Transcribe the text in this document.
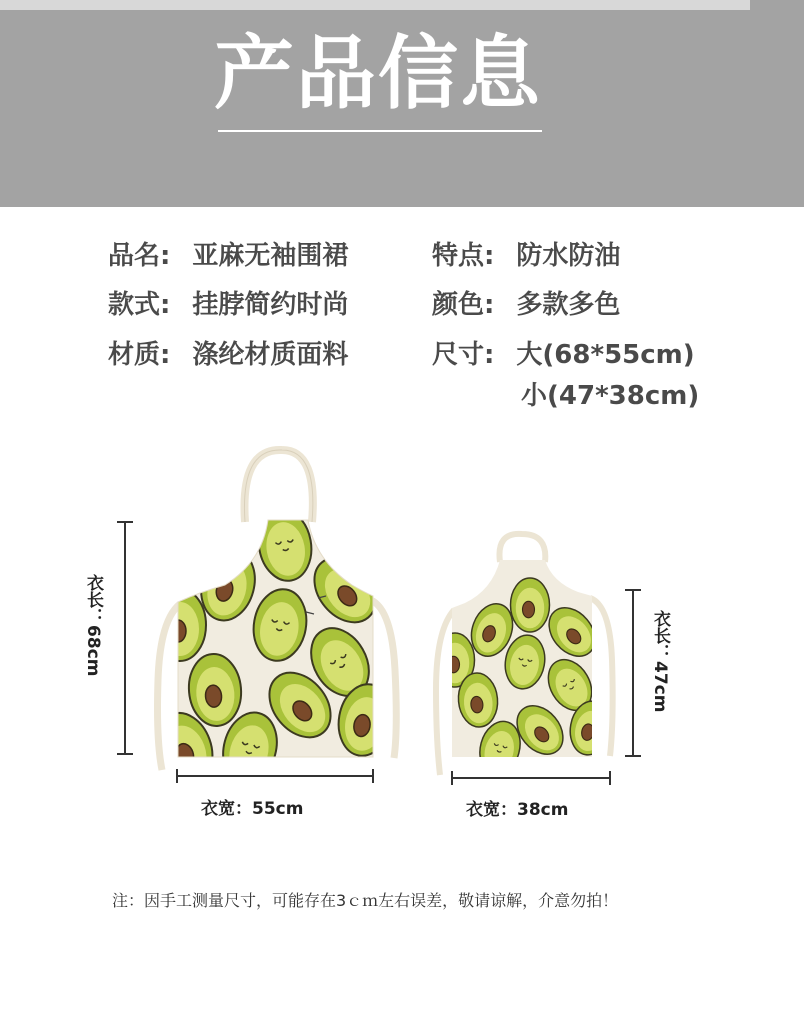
产品信息
品名: 亚麻无袖围裙
款式: 挂脖简约时尚
材质: 涤纶材质面料
特点: 防水防油
颜色: 多款多色
尺寸: 大(68*55cm)
小(47*38cm)
衣长：68cm
衣宽：55cm
衣长：47cm
衣宽：38cm
注：因手工测量尺寸，可能存在3ｃｍ左右误差，敬请谅解，介意勿拍！
